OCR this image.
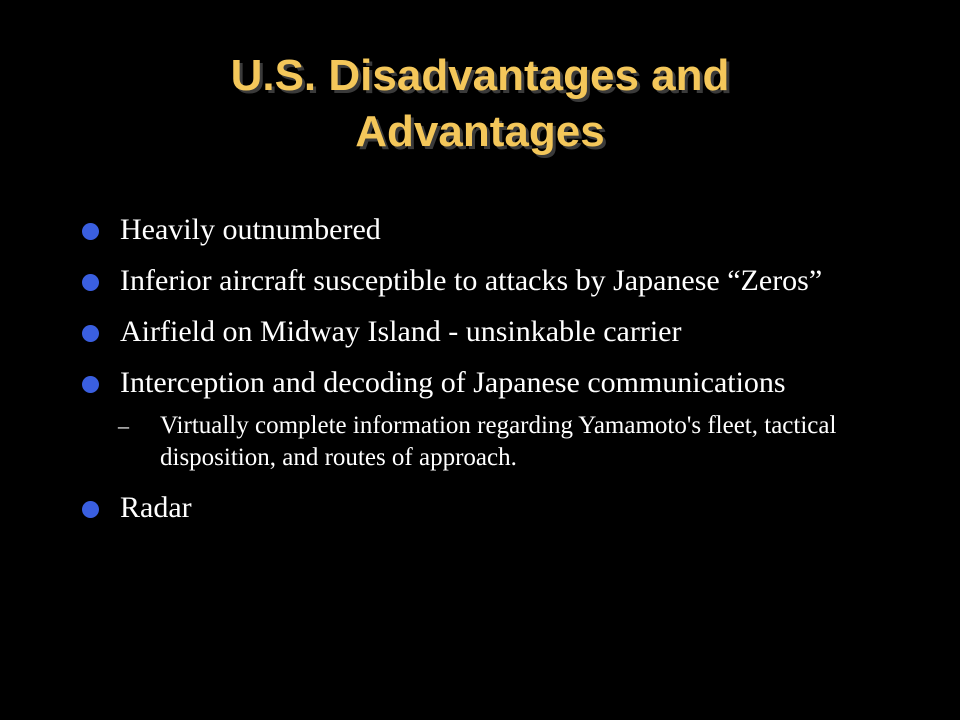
U.S. Disadvantages and
Advantages
Heavily outnumbered
Inferior aircraft susceptible to attacks by Japanese “Zeros”
Airfield on Midway Island - unsinkable carrier
Interception and decoding of Japanese communications
– Virtually complete information regarding Yamamoto's fleet, tactical disposition, and routes of approach.
Radar
